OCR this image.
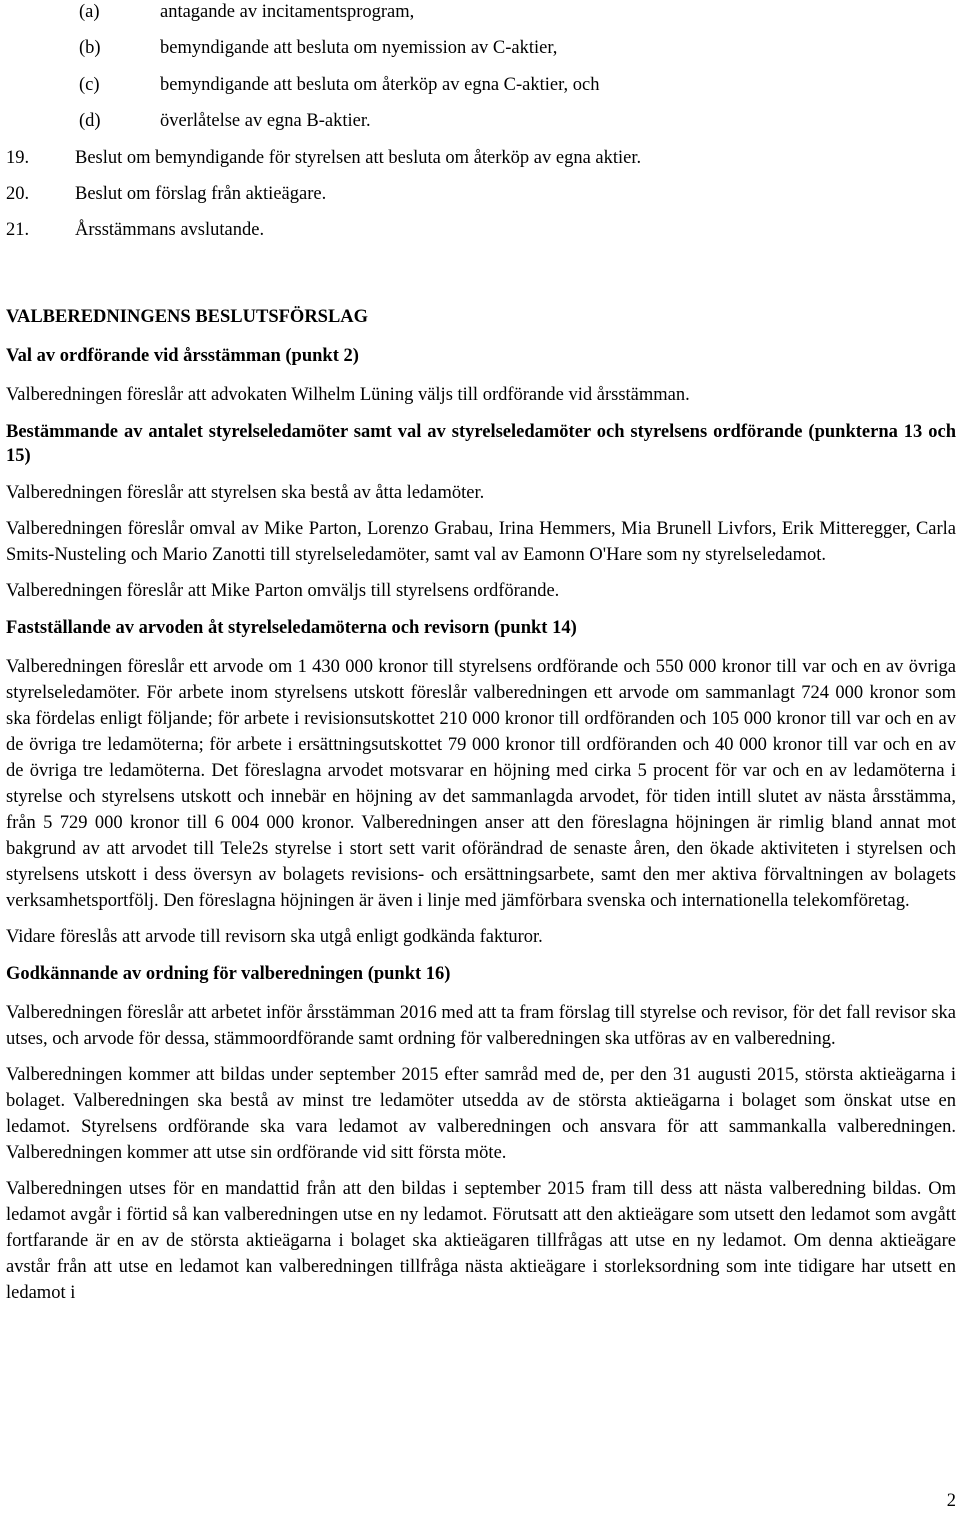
(a)	antagande av incitamentsprogram,
(b)	bemyndigande att besluta om nyemission av C-aktier,
(c)	bemyndigande att besluta om återköp av egna C-aktier, och
(d)	överlåtelse av egna B-aktier.
19. Beslut om bemyndigande för styrelsen att besluta om återköp av egna aktier.
20. Beslut om förslag från aktieägare.
21. Årsstämmans avslutande.
VALBEREDNINGENS BESLUTSFÖRSLAG
Val av ordförande vid årsstämman (punkt 2)

Valberedningen föreslår att advokaten Wilhelm Lüning väljs till ordförande vid årsstämman.

Bestämmande av antalet styrelseledamöter samt val av styrelseledamöter och styrelsens ordförande (punkterna 13 och 15)

Valberedningen föreslår att styrelsen ska bestå av åtta ledamöter.

Valberedningen föreslår omval av Mike Parton, Lorenzo Grabau, Irina Hemmers, Mia Brunell Livfors, Erik Mitteregger, Carla Smits-Nusteling och Mario Zanotti till styrelseledamöter, samt val av Eamonn O'Hare som ny styrelseledamot.

Valberedningen föreslår att Mike Parton omväljs till styrelsens ordförande.

Fastställande av arvoden åt styrelseledamöterna och revisorn (punkt 14)

Valberedningen föreslår ett arvode om 1 430 000 kronor till styrelsens ordförande och 550 000 kronor till var och en av övriga styrelseledamöter. För arbete inom styrelsens utskott föreslår valberedningen ett arvode om sammanlagt 724 000 kronor som ska fördelas enligt följande; för arbete i revisionsutskottet 210 000 kronor till ordföranden och 105 000 kronor till var och en av de övriga tre ledamöterna; för arbete i ersättningsutskottet 79 000 kronor till ordföranden och 40 000 kronor till var och en av de övriga tre ledamöterna. Det föreslagna arvodet motsvarar en höjning med cirka 5 procent för var och en av ledamöterna i styrelse och styrelsens utskott och innebär en höjning av det sammanlagda arvodet, för tiden intill slutet av nästa årsstämma, från 5 729 000 kronor till 6 004 000 kronor. Valberedningen anser att den föreslagna höjningen är rimlig bland annat mot bakgrund av att arvodet till Tele2s styrelse i stort sett varit oförändrad de senaste åren, den ökade aktiviteten i styrelsen och styrelsens utskott i dess översyn av bolagets revisions- och ersättningsarbete, samt den mer aktiva förvaltningen av bolagets verksamhetsportfölj. Den föreslagna höjningen är även i linje med jämförbara svenska och internationella telekomföretag.

Vidare föreslås att arvode till revisorn ska utgå enligt godkända fakturor.

Godkännande av ordning för valberedningen (punkt 16)

Valberedningen föreslår att arbetet inför årsstämman 2016 med att ta fram förslag till styrelse och revisor, för det fall revisor ska utses, och arvode för dessa, stämmoordförande samt ordning för valberedningen ska utföras av en valberedning.

Valberedningen kommer att bildas under september 2015 efter samråd med de, per den 31 augusti 2015, största aktieägarna i bolaget. Valberedningen ska bestå av minst tre ledamöter utsedda av de största aktieägarna i bolaget som önskat utse en ledamot. Styrelsens ordförande ska vara ledamot av valberedningen och ansvara för att sammankalla valberedningen. Valberedningen kommer att utse sin ordförande vid sitt första möte.

Valberedningen utses för en mandattid från att den bildas i september 2015 fram till dess att nästa valberedning bildas. Om ledamot avgår i förtid så kan valberedningen utse en ny ledamot. Förutsatt att den aktieägare som utsett den ledamot som avgått fortfarande är en av de största aktieägarna i bolaget ska aktieägaren tillfrågas att utse en ny ledamot. Om denna aktieägare avstår från att utse en ledamot kan valberedningen tillfråga nästa aktieägare i storleksordning som inte tidigare har utsett en ledamot i

2
